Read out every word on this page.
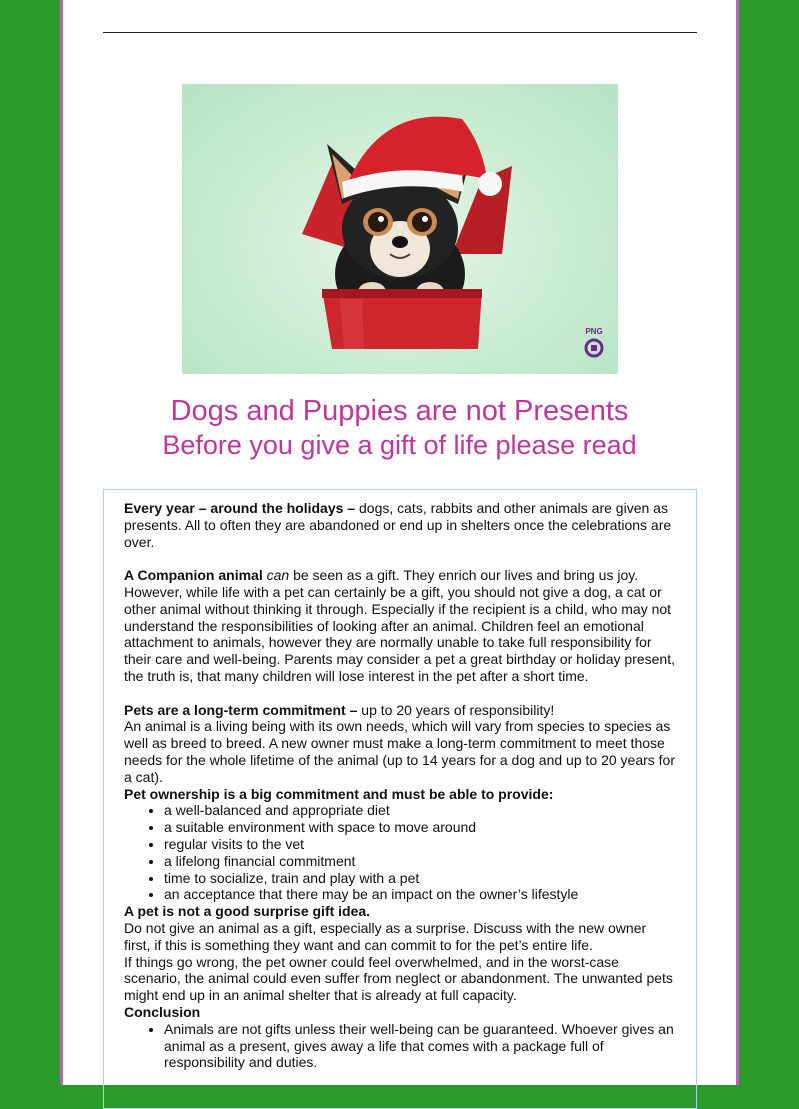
PNG
Dogs and Puppies are not Presents
Before you give a gift of life please read

Every year – around the holidays – dogs, cats, rabbits and other animals are given as presents. All to often they are abandoned or end up in shelters once the celebrations are over.

A Companion animal can be seen as a gift. They enrich our lives and bring us joy. However, while life with a pet can certainly be a gift, you should not give a dog, a cat or other animal without thinking it through. Especially if the recipient is a child, who may not understand the responsibilities of looking after an animal. Children feel an emotional attachment to animals, however they are normally unable to take full responsibility for their care and well-being. Parents may consider a pet a great birthday or holiday present, the truth is, that many children will lose interest in the pet after a short time.

Pets are a long-term commitment – up to 20 years of responsibility!

An animal is a living being with its own needs, which will vary from species to species as well as breed to breed. A new owner must make a long-term commitment to meet those needs for the whole lifetime of the animal (up to 14 years for a dog and up to 20 years for a cat).

Pet ownership is a big commitment and must be able to provide:

• a well-balanced and appropriate diet
• a suitable environment with space to move around
• regular visits to the vet
• a lifelong financial commitment
• time to socialize, train and play with a pet
• an acceptance that there may be an impact on the owner’s lifestyle

A pet is not a good surprise gift idea.

Do not give an animal as a gift, especially as a surprise. Discuss with the new owner first, if this is something they want and can commit to for the pet’s entire life.

If things go wrong, the pet owner could feel overwhelmed, and in the worst-case scenario, the animal could even suffer from neglect or abandonment. The unwanted pets might end up in an animal shelter that is already at full capacity.

Conclusion

• Animals are not gifts unless their well-being can be guaranteed. Whoever gives an animal as a present, gives away a life that comes with a package full of responsibility and duties.
